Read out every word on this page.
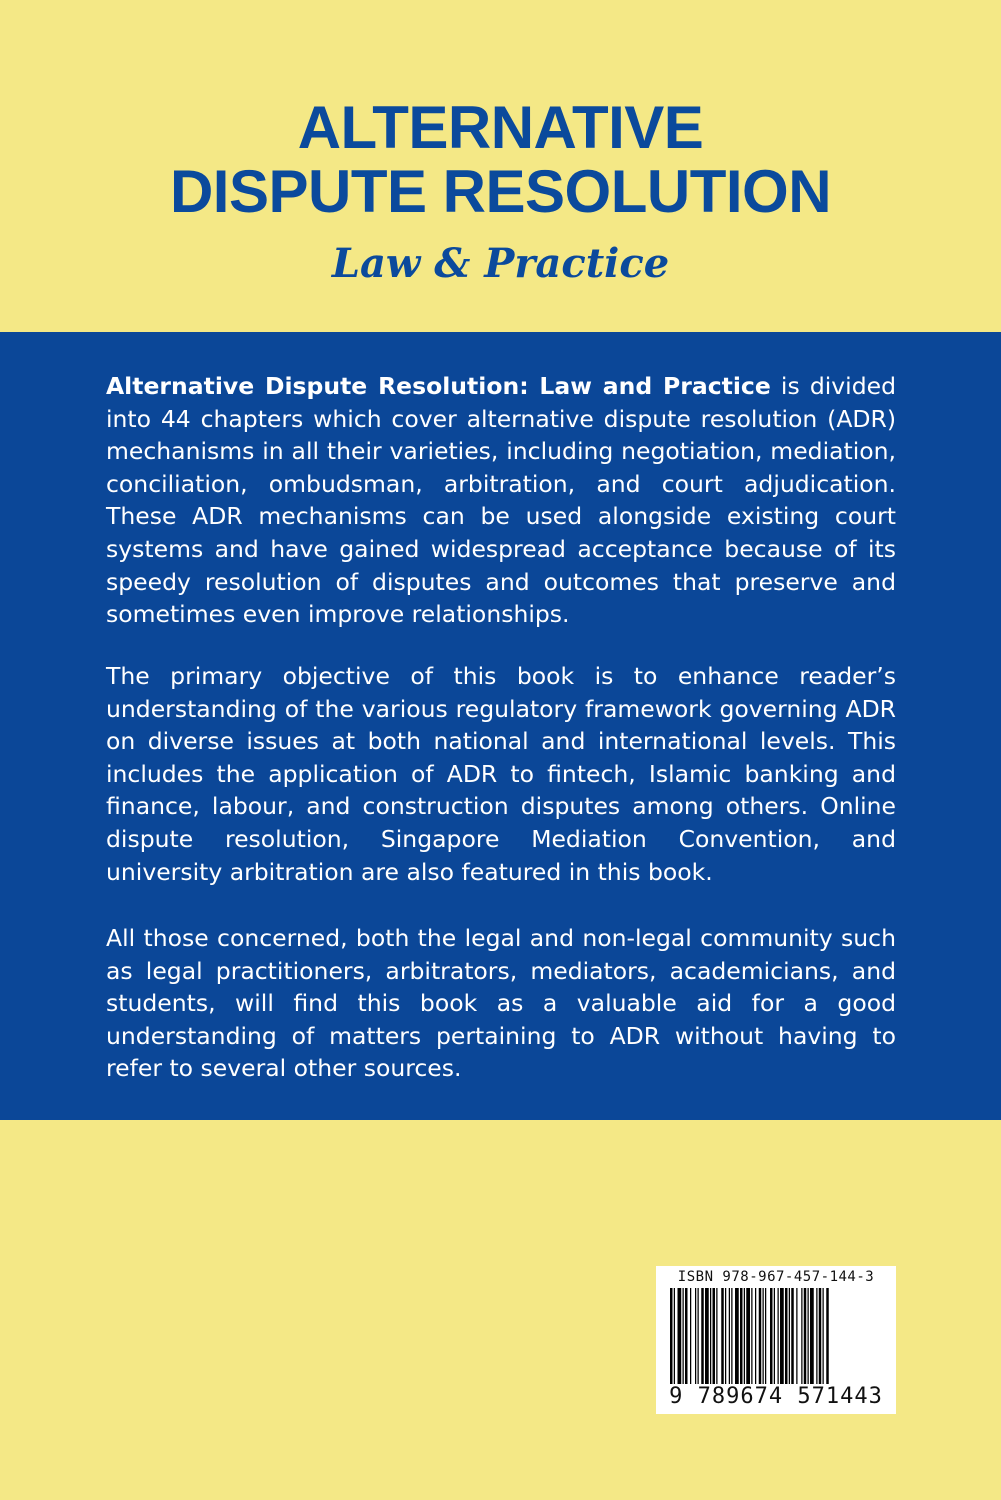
ALTERNATIVE
DISPUTE RESOLUTION
Law & Practice

Alternative Dispute Resolution: Law and Practice is divided into 44 chapters which cover alternative dispute resolution (ADR) mechanisms in all their varieties, including negotiation, mediation, conciliation, ombudsman, arbitration, and court adjudication. These ADR mechanisms can be used alongside existing court systems and have gained widespread acceptance because of its speedy resolution of disputes and outcomes that preserve and sometimes even improve relationships.

The primary objective of this book is to enhance reader’s understanding of the various regulatory framework governing ADR on diverse issues at both national and international levels. This includes the application of ADR to fintech, Islamic banking and finance, labour, and construction disputes among others. Online dispute resolution, Singapore Mediation Convention, and university arbitration are also featured in this book.

All those concerned, both the legal and non-legal community such as legal practitioners, arbitrators, mediators, academicians, and students, will find this book as a valuable aid for a good understanding of matters pertaining to ADR without having to refer to several other sources.

ISBN 978-967-457-144-3
9 789674 571443
